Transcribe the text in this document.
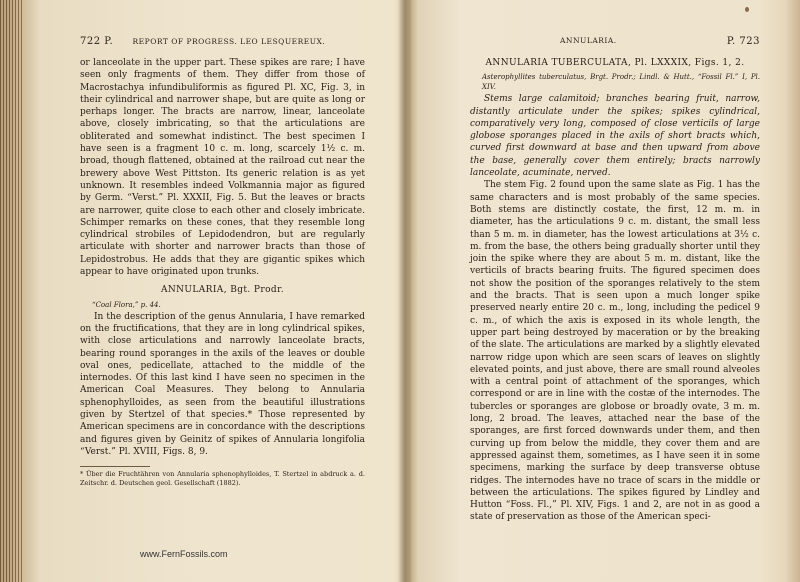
722 P.	REPORT OF PROGRESS. LEO LESQUEREUX.

or lanceolate in the upper part. These spikes are rare; I have seen only fragments of them. They differ from those of Macrostachya infundibuliformis as figured Pl. XC, Fig. 3, in their cylindrical and narrower shape, but are quite as long or perhaps longer. The bracts are narrow, linear, lanceolate above, closely imbricating, so that the articulations are obliterated and somewhat indistinct. The best specimen I have seen is a fragment 10 c. m. long, scarcely 1½ c. m. broad, though flattened, obtained at the railroad cut near the brewery above West Pittston. Its generic relation is as yet unknown. It resembles indeed Volkmannia major as figured by Germ. “Verst.” Pl. XXXII, Fig. 5. But the leaves or bracts are narrower, quite close to each other and closely imbricate. Schimper remarks on these cones, that they resemble long cylindrical strobiles of Lepidodendron, but are regularly articulate with shorter and narrower bracts than those of Lepidostrobus. He adds that they are gigantic spikes which appear to have originated upon trunks.

ANNULARIA, Bgt. Prodr.
“Coal Flora,” p. 44.

In the description of the genus Annularia, I have remarked on the fructifications, that they are in long cylindrical spikes, with close articulations and narrowly lanceolate bracts, bearing round sporanges in the axils of the leaves or double oval ones, pedicellate, attached to the middle of the internodes. Of this last kind I have seen no specimen in the American Coal Measures. They belong to Annularia sphenophylloides, as seen from the beautiful illustrations given by Stertzel of that species.* Those represented by American specimens are in concordance with the descriptions and figures given by Geinitz of spikes of Annularia longifolia “Verst.” Pl. XVIII, Figs. 8, 9.

* Über die Fruchtähren von Annularia sphenophylloides, T. Stertzel in abdruck a. d. Zeitschr. d. Deutschen geol. Gesellschaft (1882).
ANNULARIA.	P. 723
ANNULARIA TUBERCULATA, Pl. LXXXIX, Figs. 1, 2.
Asterophyllites tuberculatus, Brgt. Prodr.; Lindl. & Hutt., “Fossil Fl.” I, Pl. XIV.

Stems large calamitoid; branches bearing fruit, narrow, distantly articulate under the spikes; spikes cylindrical, comparatively very long, composed of close verticils of large globose sporanges placed in the axils of short bracts which, curved first downward at base and then upward from above the base, generally cover them entirely; bracts narrowly lanceolate, acuminate, nerved.

The stem Fig. 2 found upon the same slate as Fig. 1 has the same characters and is most probably of the same species. Both stems are distinctly costate, the first, 12 m. m. in diameter, has the articulations 9 c. m. distant, the small less than 5 m. m. in diameter, has the lowest articulations at 3½ c. m. from the base, the others being gradually shorter until they join the spike where they are about 5 m. m. distant, like the verticils of bracts bearing fruits. The figured specimen does not show the position of the sporanges relatively to the stem and the bracts. That is seen upon a much longer spike preserved nearly entire 20 c. m., long, including the pedicel 9 c. m., of which the axis is exposed in its whole length, the upper part being destroyed by maceration or by the breaking of the slate. The articulations are marked by a slightly elevated narrow ridge upon which are seen scars of leaves on slightly elevated points, and just above, there are small round alveoles with a central point of attachment of the sporanges, which correspond or are in line with the costæ of the internodes. The tubercles or sporanges are globose or broadly ovate, 3 m. m. long, 2 broad. The leaves, attached near the base of the sporanges, are first forced downwards under them, and then curving up from below the middle, they cover them and are appressed against them, sometimes, as I have seen it in some specimens, marking the surface by deep transverse obtuse ridges. The internodes have no trace of scars in the middle or between the articulations. The spikes figured by Lindley and Hutton “Foss. Fl.,” Pl. XIV, Figs. 1 and 2, are not in as good a state of preservation as those of the American speci-

www.FernFossils.com
